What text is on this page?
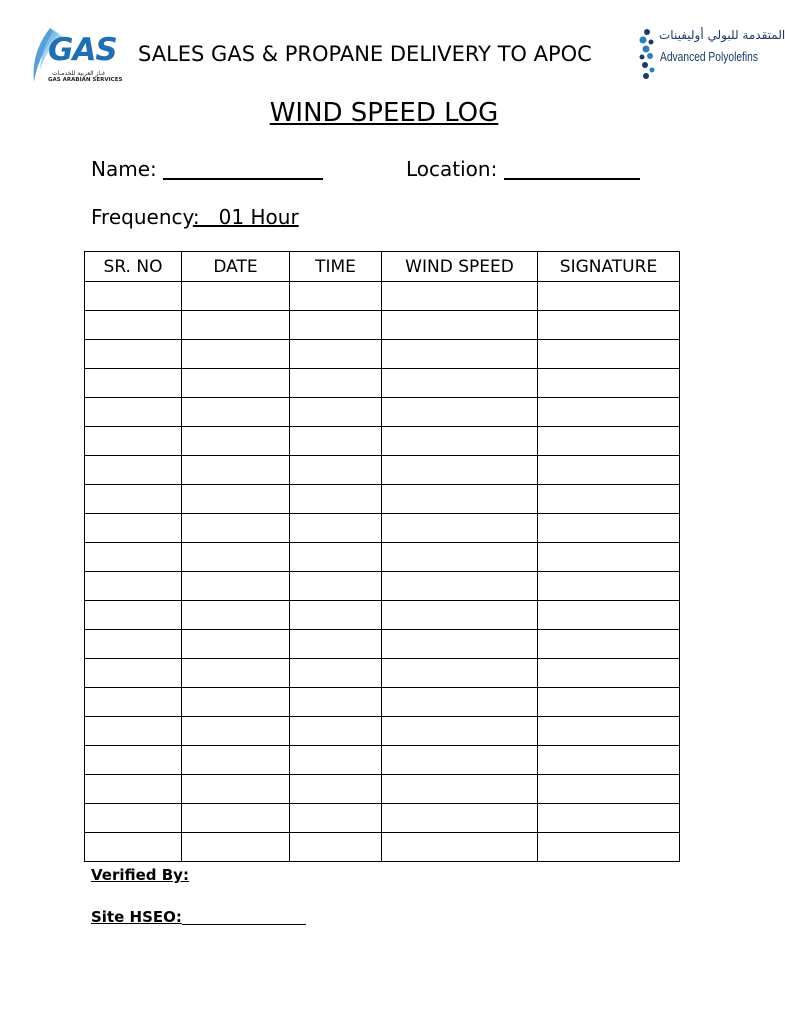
GAS
غـاز العربية للخدمـات
GAS ARABIAN SERVICES
SALES GAS & PROPANE DELIVERY TO APOC
المتقدمة للبولي أوليفينات
Advanced Polyolefins
WIND SPEED LOG
Name:	Location:
Frequency:   01 Hour
SR. NO	DATE	TIME	WIND SPEED	SIGNATURE

Verified By:
Site HSEO:
